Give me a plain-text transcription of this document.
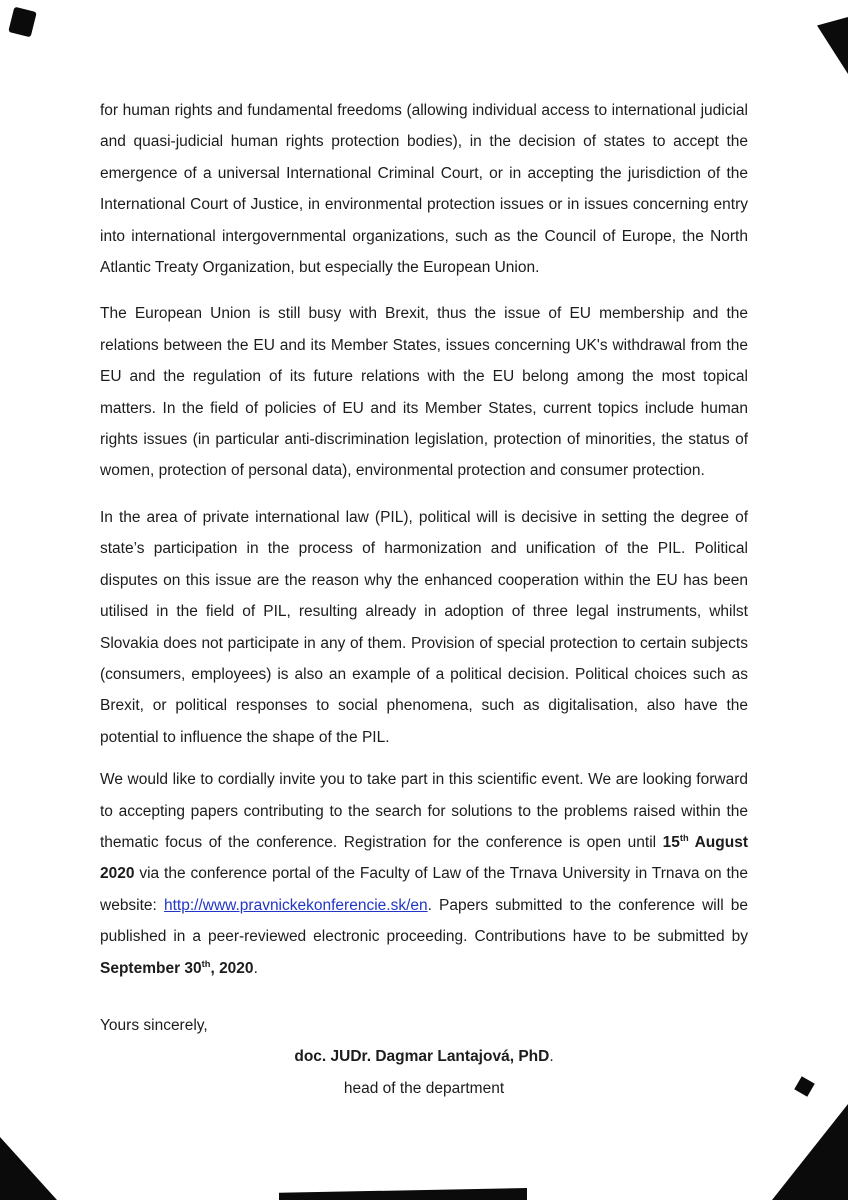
for human rights and fundamental freedoms (allowing individual access to international judicial and quasi-judicial human rights protection bodies), in the decision of states to accept the emergence of a universal International Criminal Court, or in accepting the jurisdiction of the International Court of Justice, in environmental protection issues or in issues concerning entry into international intergovernmental organizations, such as the Council of Europe, the North Atlantic Treaty Organization, but especially the European Union.

The European Union is still busy with Brexit, thus the issue of EU membership and the relations between the EU and its Member States, issues concerning UK's withdrawal from the EU and the regulation of its future relations with the EU belong among the most topical matters. In the field of policies of EU and its Member States, current topics include human rights issues (in particular anti-discrimination legislation, protection of minorities, the status of women, protection of personal data), environmental protection and consumer protection.

In the area of private international law (PIL), political will is decisive in setting the degree of state’s participation in the process of harmonization and unification of the PIL. Political disputes on this issue are the reason why the enhanced cooperation within the EU has been utilised in the field of PIL, resulting already in adoption of three legal instruments, whilst Slovakia does not participate in any of them. Provision of special protection to certain subjects (consumers, employees) is also an example of a political decision. Political choices such as Brexit, or political responses to social phenomena, such as digitalisation, also have the potential to influence the shape of the PIL.

We would like to cordially invite you to take part in this scientific event. We are looking forward to accepting papers contributing to the search for solutions to the problems raised within the thematic focus of the conference. Registration for the conference is open until 15th August 2020 via the conference portal of the Faculty of Law of the Trnava University in Trnava on the website: http://www.pravnickekonferencie.sk/en. Papers submitted to the conference will be published in a peer-reviewed electronic proceeding. Contributions have to be submitted by September 30th, 2020.

Yours sincerely,

doc. JUDr. Dagmar Lantajová, PhD.

head of the department
